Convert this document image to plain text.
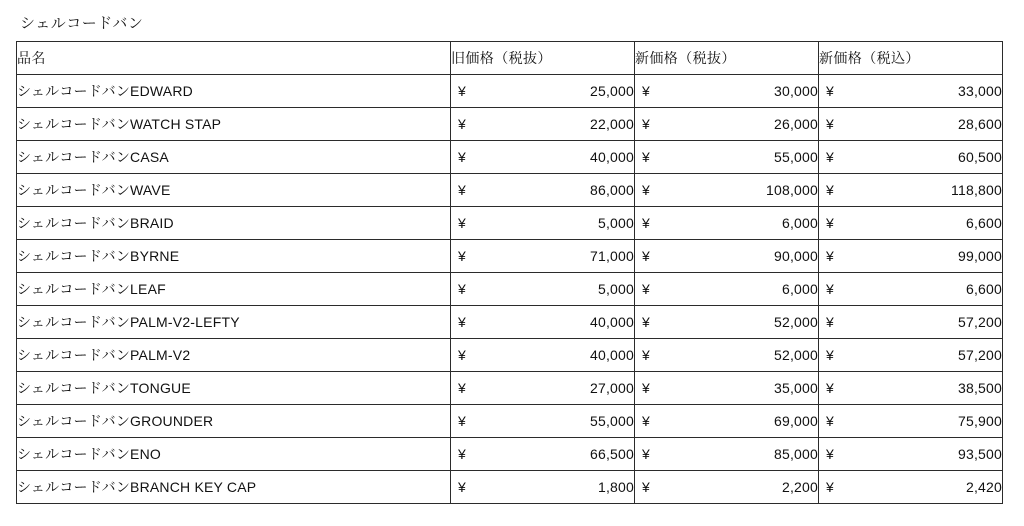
シェルコードバン
品名	旧価格（税抜）	新価格（税抜）	新価格（税込）
シェルコードバンEDWARD	¥ 25,000	¥ 30,000	¥ 33,000

シェルコードバンWATCH STAP	¥ 22,000	¥ 26,000	¥ 28,600

シェルコードバンCASA	¥ 40,000	¥ 55,000	¥ 60,500

シェルコードバンWAVE	¥ 86,000	¥ 108,000	¥ 118,800

シェルコードバンBRAID	¥ 5,000	¥ 6,000	¥ 6,600

シェルコードバンBYRNE	¥ 71,000	¥ 90,000	¥ 99,000

シェルコードバンLEAF	¥ 5,000	¥ 6,000	¥ 6,600

シェルコードバンPALM-V2-LEFTY	¥ 40,000	¥ 52,000	¥ 57,200

シェルコードバンPALM-V2	¥ 40,000	¥ 52,000	¥ 57,200

シェルコードバンTONGUE	¥ 27,000	¥ 35,000	¥ 38,500

シェルコードバンGROUNDER	¥ 55,000	¥ 69,000	¥ 75,900

シェルコードバンENO	¥ 66,500	¥ 85,000	¥ 93,500

シェルコードバンBRANCH KEY CAP	¥ 1,800	¥ 2,200	¥ 2,420
